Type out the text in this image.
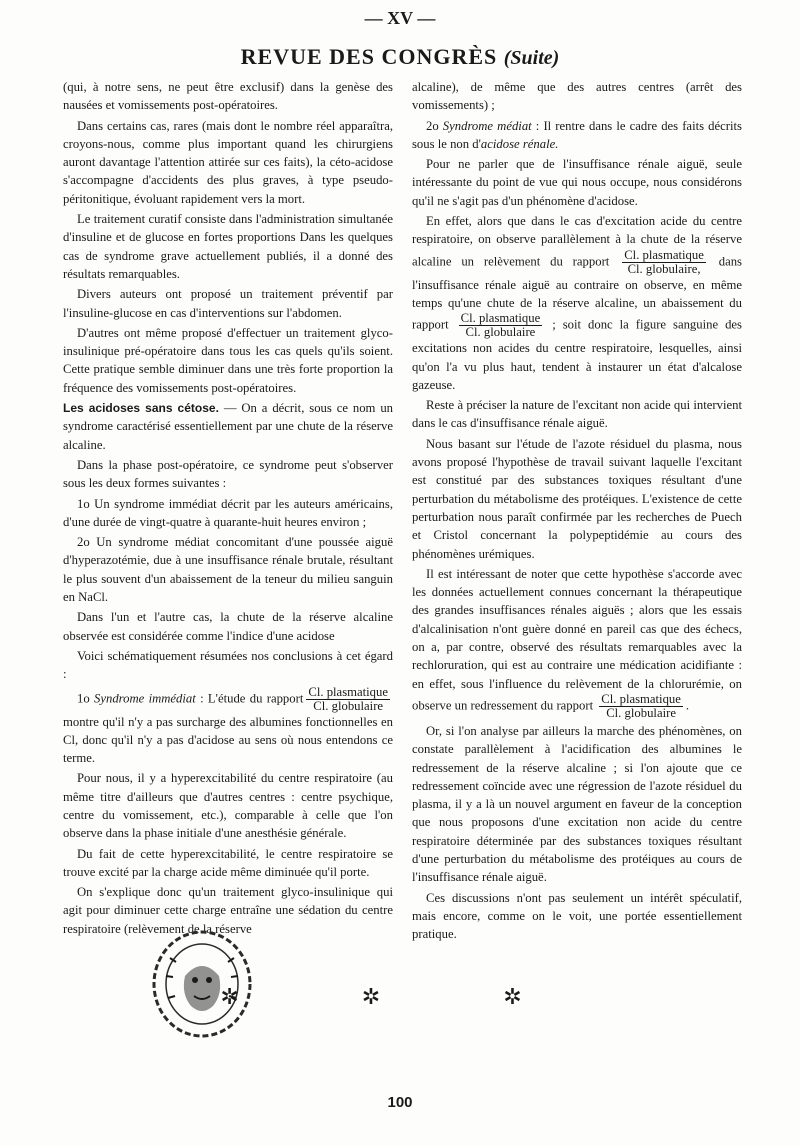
— XV —
REVUE DES CONGRÈS (Suite)

(qui, à notre sens, ne peut être exclusif) dans la genèse des nausées et vomissements post-opératoires.

Dans certains cas, rares (mais dont le nombre réel apparaîtra, croyons-nous, comme plus important quand les chirurgiens auront davantage l'attention attirée sur ces faits), la céto-acidose s'accompagne d'accidents des plus graves, à type pseudo-péritonitique, évoluant rapidement vers la mort.

Le traitement curatif consiste dans l'administration simultanée d'insuline et de glucose en fortes proportions Dans les quelques cas de syndrome grave actuellement publiés, il a donné des résultats remarquables.

Divers auteurs ont proposé un traitement préventif par l'insuline-glucose en cas d'interventions sur l'abdomen.

D'autres ont même proposé d'effectuer un traitement glyco-insulinique pré-opératoire dans tous les cas quels qu'ils soient. Cette pratique semble diminuer dans une très forte proportion la fréquence des vomissements post-opératoires.

Les acidoses sans cétose. — On a décrit, sous ce nom un syndrome caractérisé essentiellement par une chute de la réserve alcaline.

Dans la phase post-opératoire, ce syndrome peut s'observer sous les deux formes suivantes :

1o Un syndrome immédiat décrit par les auteurs américains, d'une durée de vingt-quatre à quarante-huit heures environ ;

2o Un syndrome médiat concomitant d'une poussée aiguë d'hyperazotémie, due à une insuffisance rénale brutale, résultant le plus souvent d'un abaissement de la teneur du milieu sanguin en NaCl.

Dans l'un et l'autre cas, la chute de la réserve alcaline observée est considérée comme l'indice d'une acidose

Voici schématiquement résumées nos conclusions à cet égard :

1o Syndrome immédiat : L'étude du rapport $\frac{\text{Cl. plasmatique}}{\text{Cl. globulaire}}$
montre qu'il n'y a pas surcharge des albumines fonctionnelles en Cl, donc qu'il n'y a pas d'acidose au sens où nous entendons ce terme.

Pour nous, il y a hyperexcitabilité du centre respiratoire (au même titre d'ailleurs que d'autres centres : centre psychique, centre du vomissement, etc.), comparable à celle que l'on observe dans la phase initiale d'une anesthésie générale.

Du fait de cette hyperexcitabilité, le centre respiratoire se trouve excité par la charge acide même diminuée qu'il porte.

On s'explique donc qu'un traitement glyco-insulinique qui agit pour diminuer cette charge entraîne une sédation du centre respiratoire (relèvement de la réserve

alcaline), de même que des autres centres (arrêt des vomissements) ;

2o Syndrome médiat : Il rentre dans le cadre des faits décrits sous le non d'acidose rénale.

Pour ne parler que de l'insuffisance rénale aiguë, seule intéressante du point de vue qui nous occupe, nous considérons qu'il ne s'agit pas d'un phénomène d'acidose.

En effet, alors que dans le cas d'excitation acide du centre respiratoire, on observe parallèlement à la chute de la réserve alcaline un relèvement du rapport $\frac{\text{Cl. plasmatique}}{\text{Cl. globulaire,}}$ dans l'insuffisance rénale aiguë au contraire on observe, en même temps qu'une chute de la réserve alcaline, un abaissement du rapport $\frac{\text{Cl. plasmatique}}{\text{Cl. globulaire}}$ ; soit donc la figure sanguine des excitations non acides du centre respiratoire, lesquelles, ainsi qu'on l'a vu plus haut, tendent à instaurer un état d'alcalose gazeuse.

Reste à préciser la nature de l'excitant non acide qui intervient dans le cas d'insuffisance rénale aiguë.

Nous basant sur l'étude de l'azote résiduel du plasma, nous avons proposé l'hypothèse de travail suivant laquelle l'excitant est constitué par des substances toxiques résultant d'une perturbation du métabolisme des protéiques. L'existence de cette perturbation nous paraît confirmée par les recherches de Puech et Cristol concernant la polypeptidémie au cours des phénomènes urémiques.

Il est intéressant de noter que cette hypothèse s'accorde avec les données actuellement connues concernant la thérapeutique des grandes insuffisances rénales aiguës ; alors que les essais d'alcalinisation n'ont guère donné en pareil cas que des échecs, on a, par contre, observé des résultats remarquables avec la rechloruration, qui est au contraire une médication acidifiante : en effet, sous l'influence du relèvement de la chlorurémie, on observe un redressement du rapport $\frac{\text{Cl. plasmatique}}{\text{Cl. globulaire}}$ .

Or, si l'on analyse par ailleurs la marche des phénomènes, on constate parallèlement à l'acidification des albumines le redressement de la réserve alcaline ; si l'on ajoute que ce redressement coïncide avec une régression de l'azote résiduel du plasma, il y a là un nouvel argument en faveur de la conception que nous proposons d'une excitation non acide du centre respiratoire déterminée par des substances toxiques résultant d'une perturbation du métabolisme des protéiques au cours de l'insuffisance rénale aiguë.

Ces discussions n'ont pas seulement un intérêt spéculatif, mais encore, comme on le voit, une portée essentiellement pratique.

✲ ✲ ✲
100
